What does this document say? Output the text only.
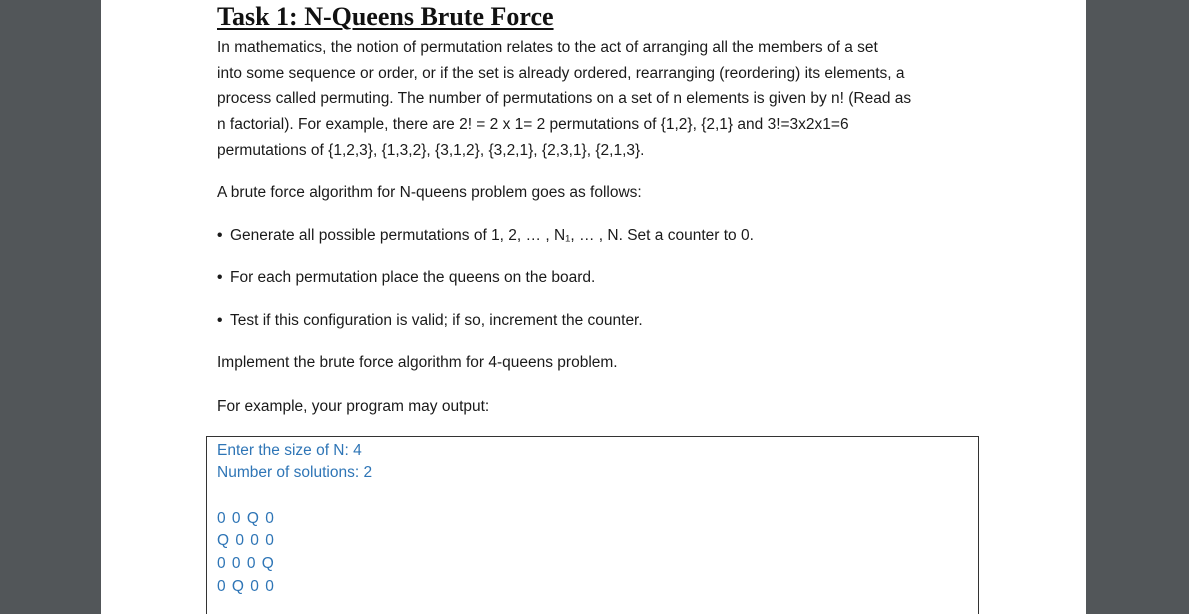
Task 1: N-Queens Brute Force

In mathematics, the notion of permutation relates to the act of arranging all the members of a set
into some sequence or order, or if the set is already ordered, rearranging (reordering) its elements, a
process called permuting. The number of permutations on a set of n elements is given by n! (Read as
n factorial). For example, there are 2! = 2 x 1= 2 permutations of {1,2}, {2,1} and 3!=3x2x1=6
permutations of {1,2,3}, {1,3,2}, {3,1,2}, {3,2,1}, {2,3,1}, {2,1,3}.

A brute force algorithm for N-queens problem goes as follows:

• Generate all possible permutations of 1, 2, … , N₁, … , N. Set a counter to 0.

• For each permutation place the queens on the board.

• Test if this configuration is valid; if so, increment the counter.

Implement the brute force algorithm for 4-queens problem.

For example, your program may output:

Enter the size of N: 4
Number of solutions: 2
0 0 Q 0
Q 0 0 0
0 0 0 Q
0 Q 0 0
